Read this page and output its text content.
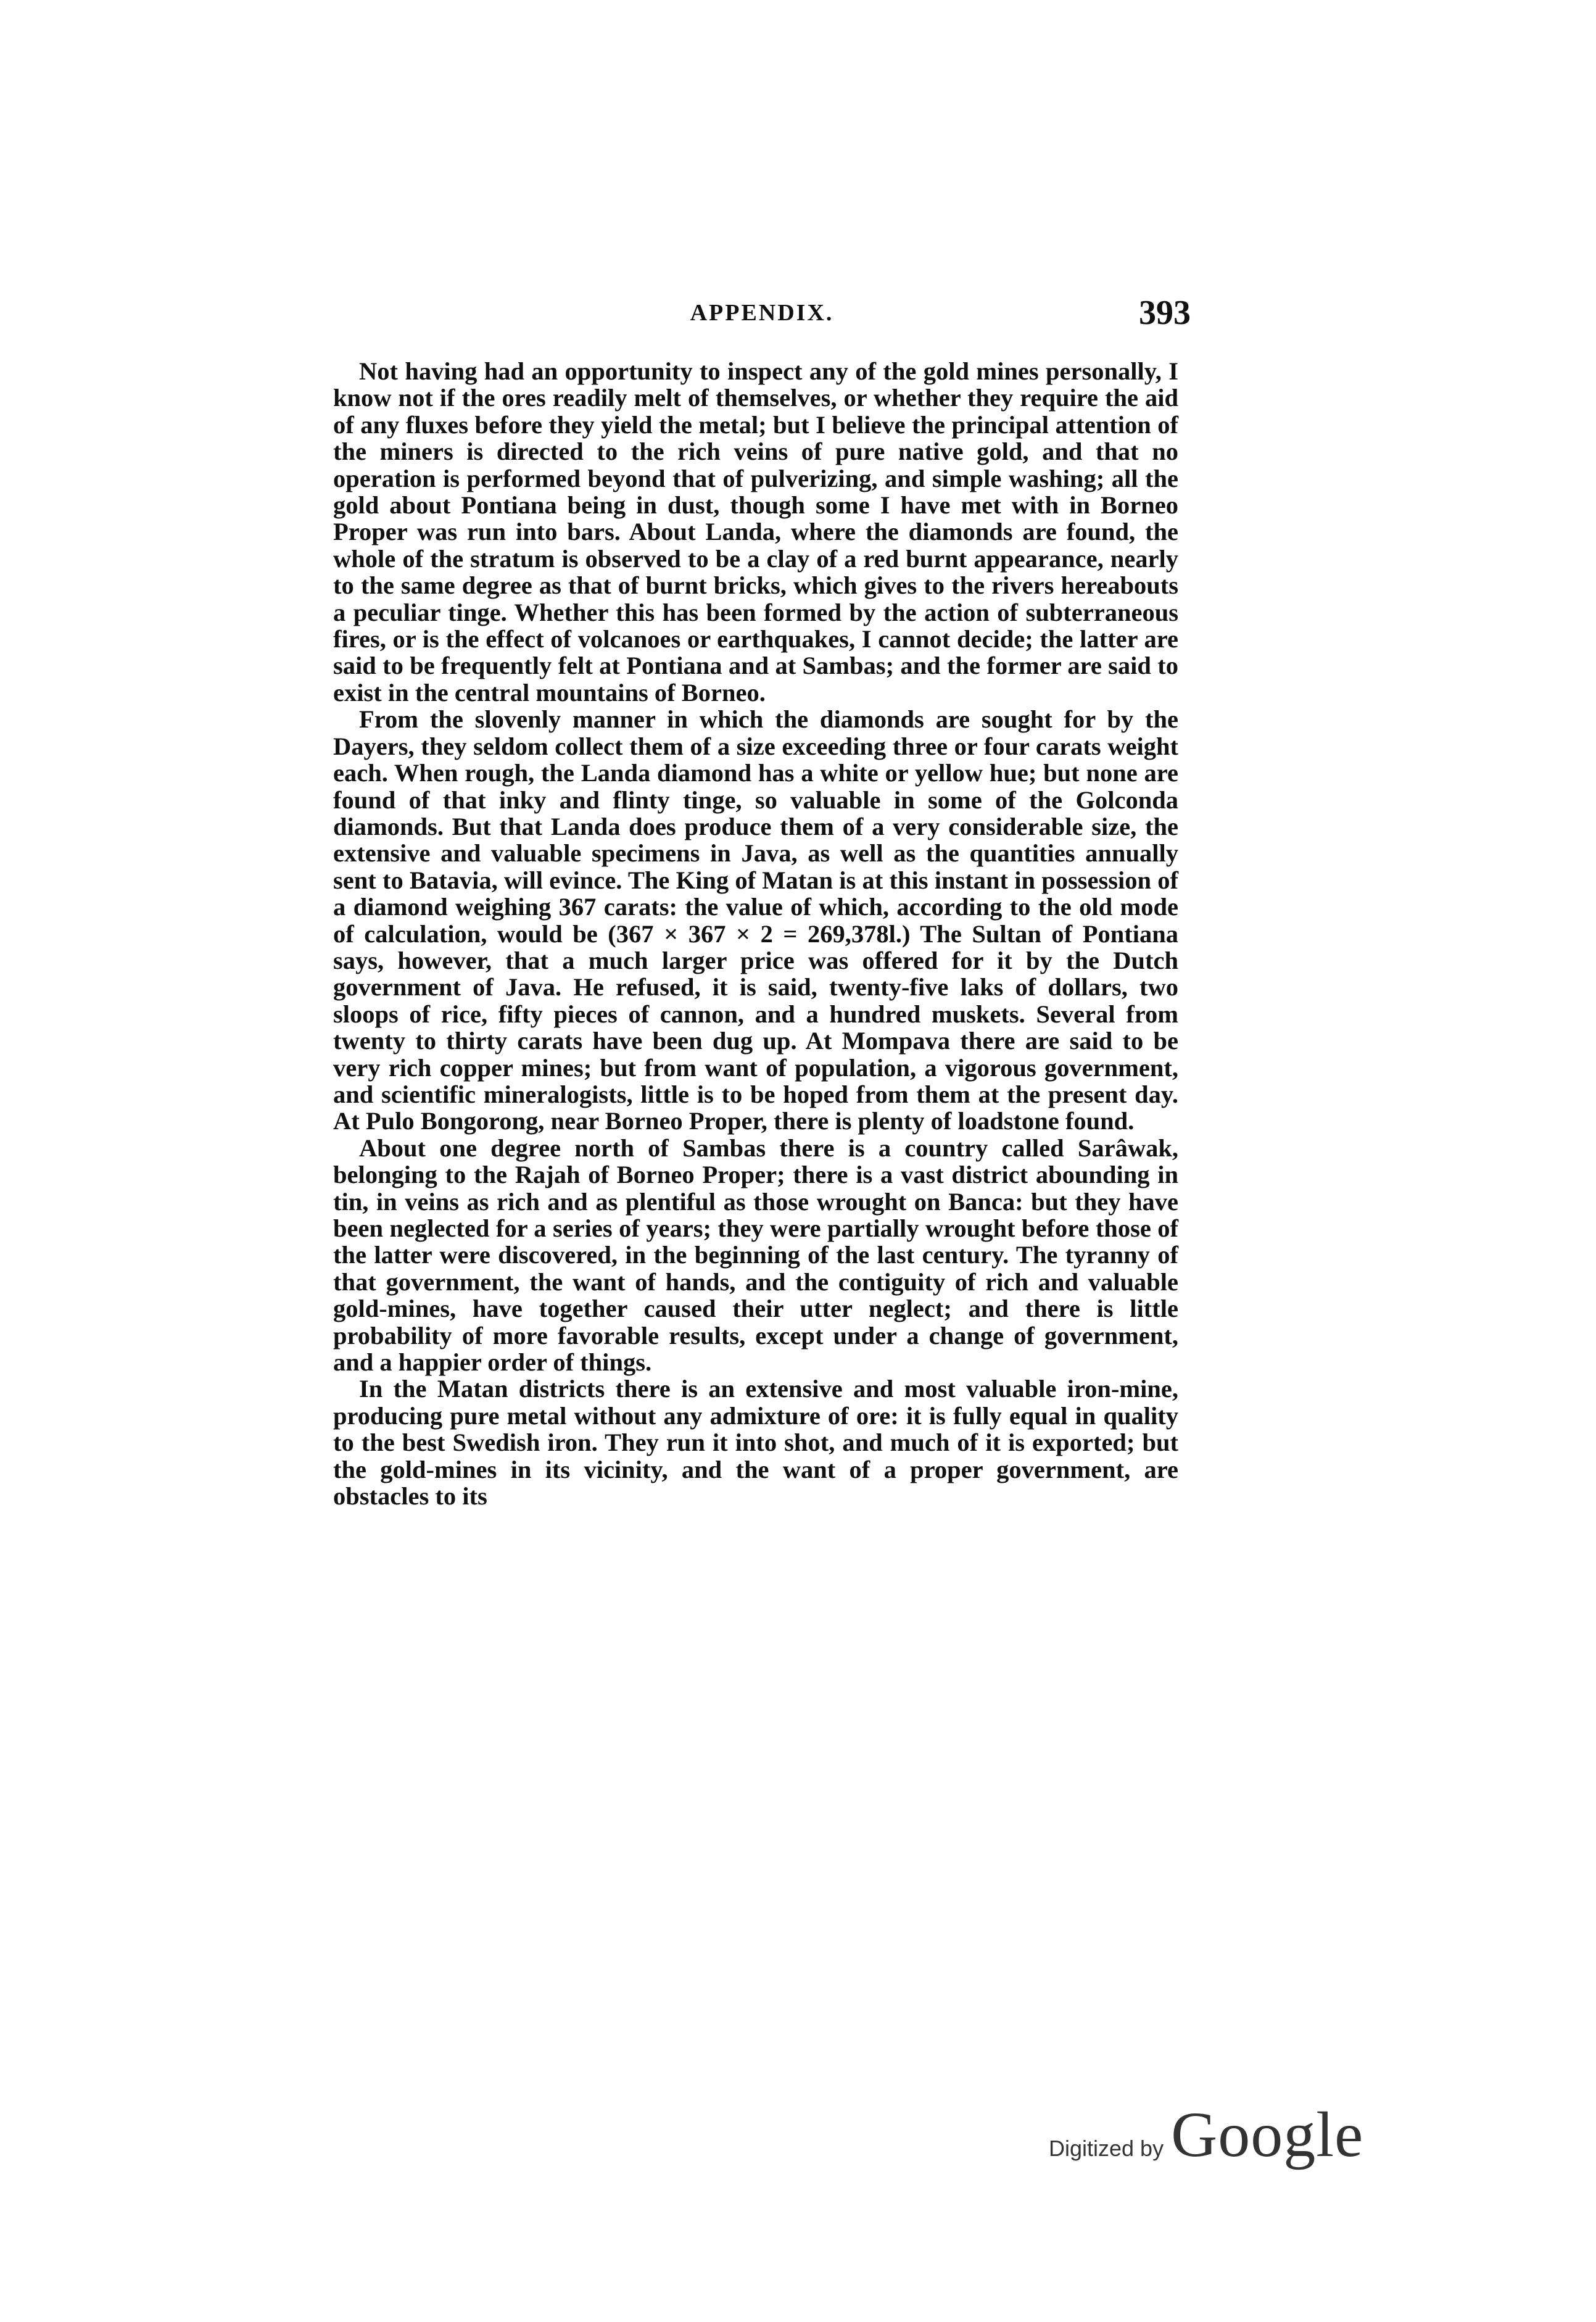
APPENDIX.	393

Not having had an opportunity to inspect any of the gold mines personally, I know not if the ores readily melt of themselves, or whether they require the aid of any fluxes before they yield the metal; but I believe the principal attention of the miners is directed to the rich veins of pure native gold, and that no operation is performed beyond that of pulverizing, and simple washing; all the gold about Pontiana being in dust, though some I have met with in Borneo Proper was run into bars. About Landa, where the diamonds are found, the whole of the stratum is observed to be a clay of a red burnt appearance, nearly to the same degree as that of burnt bricks, which gives to the rivers hereabouts a peculiar tinge. Whether this has been formed by the action of subterraneous fires, or is the effect of volcanoes or earthquakes, I cannot decide; the latter are said to be frequently felt at Pontiana and at Sambas; and the former are said to exist in the central mountains of Borneo.

From the slovenly manner in which the diamonds are sought for by the Dayers, they seldom collect them of a size exceeding three or four carats weight each. When rough, the Landa diamond has a white or yellow hue; but none are found of that inky and flinty tinge, so valuable in some of the Golconda diamonds. But that Landa does produce them of a very considerable size, the extensive and valuable specimens in Java, as well as the quantities annually sent to Batavia, will evince. The King of Matan is at this instant in possession of a diamond weighing 367 carats: the value of which, according to the old mode of calculation, would be (367 × 367 × 2 = 269,378l.) The Sultan of Pontiana says, however, that a much larger price was offered for it by the Dutch government of Java. He refused, it is said, twenty-five laks of dollars, two sloops of rice, fifty pieces of cannon, and a hundred muskets. Several from twenty to thirty carats have been dug up. At Mompava there are said to be very rich copper mines; but from want of population, a vigorous government, and scientific mineralogists, little is to be hoped from them at the present day. At Pulo Bongorong, near Borneo Proper, there is plenty of loadstone found.

About one degree north of Sambas there is a country called Sarâwak, belonging to the Rajah of Borneo Proper; there is a vast district abounding in tin, in veins as rich and as plentiful as those wrought on Banca: but they have been neglected for a series of years; they were partially wrought before those of the latter were discovered, in the beginning of the last century. The tyranny of that government, the want of hands, and the contiguity of rich and valuable gold-mines, have together caused their utter neglect; and there is little probability of more favorable results, except under a change of government, and a happier order of things.

In the Matan districts there is an extensive and most valuable iron-mine, producing pure metal without any admixture of ore: it is fully equal in quality to the best Swedish iron. They run it into shot, and much of it is exported; but the gold-mines in its vicinity, and the want of a proper government, are obstacles to its

Digitized by Google
